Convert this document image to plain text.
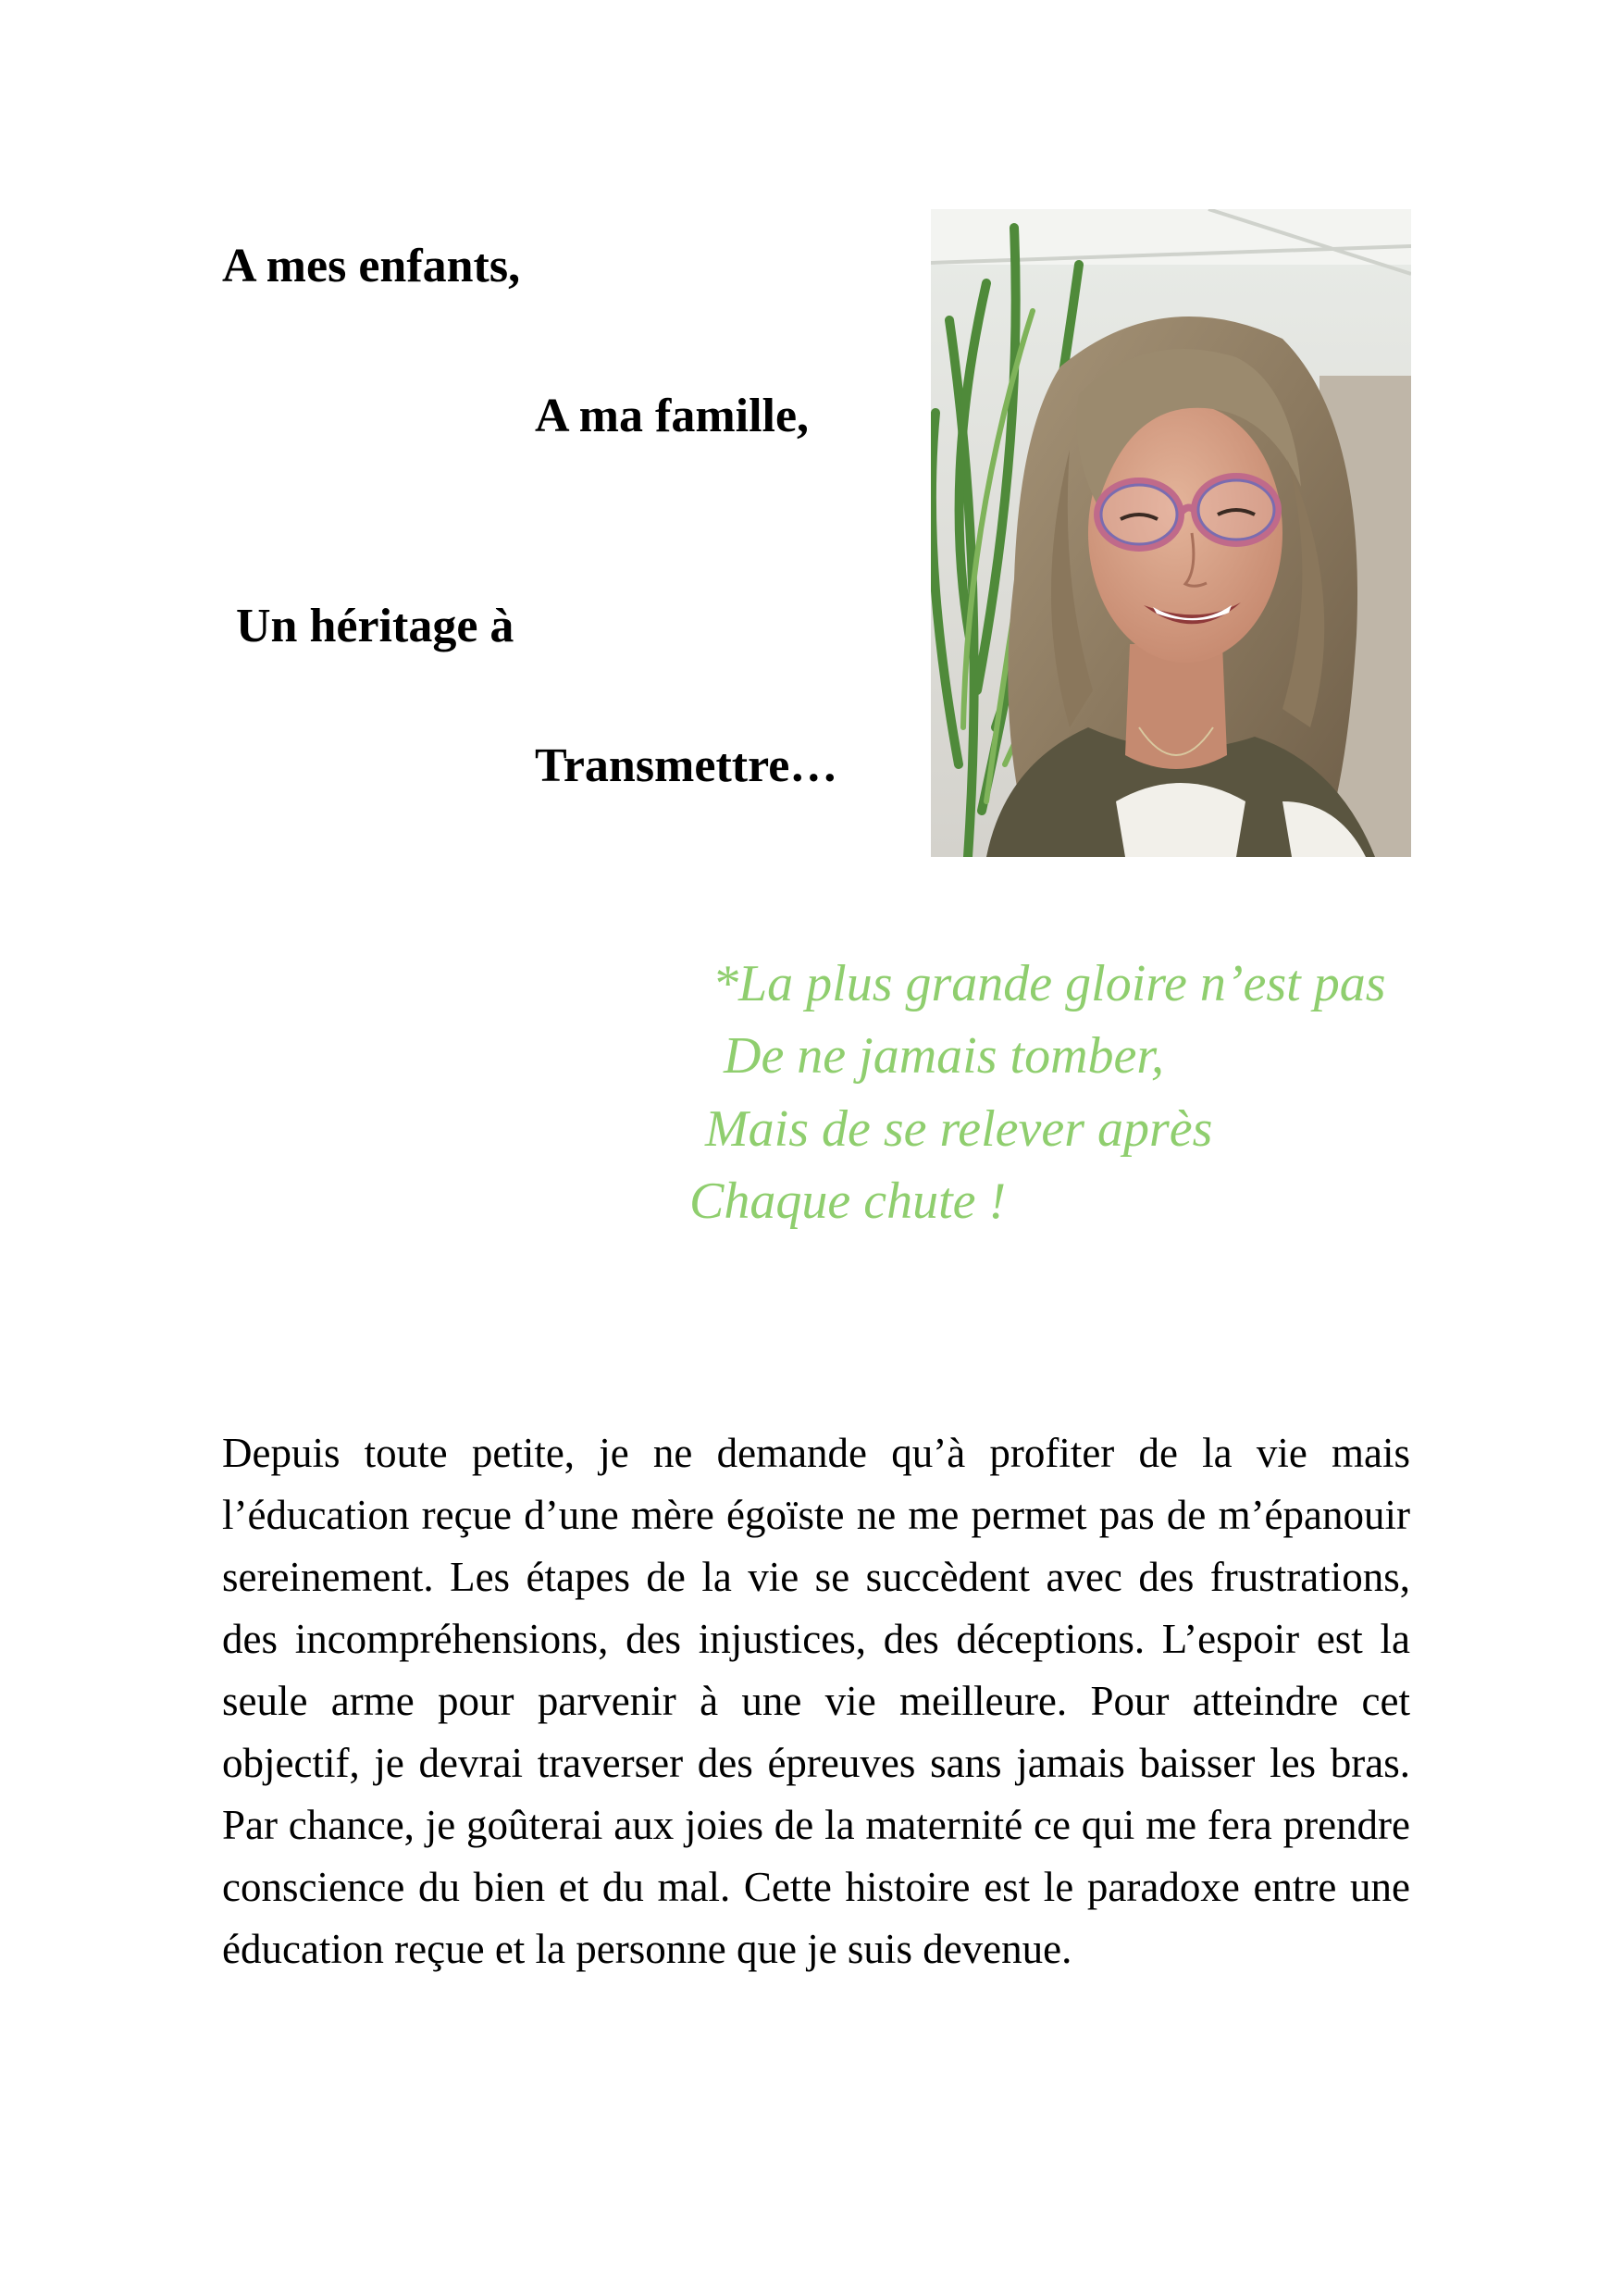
A mes enfants,

A ma famille,

Un héritage à

Transmettre…

*La plus grande gloire n’est pas

De ne jamais tomber,

Mais de se relever après

Chaque chute !

Depuis toute petite, je ne demande qu’à profiter de la vie mais l’éducation reçue d’une mère égoïste ne me permet pas de m’épanouir sereinement. Les étapes de la vie se succèdent avec des frustrations, des incompréhensions, des injustices, des déceptions. L’espoir est la seule arme pour parvenir à une vie meilleure. Pour atteindre cet objectif, je devrai traverser des épreuves sans jamais baisser les bras. Par chance, je goûterai aux joies de la maternité ce qui me fera prendre conscience du bien et du mal. Cette histoire est le paradoxe entre une éducation reçue et la personne que je suis devenue.
